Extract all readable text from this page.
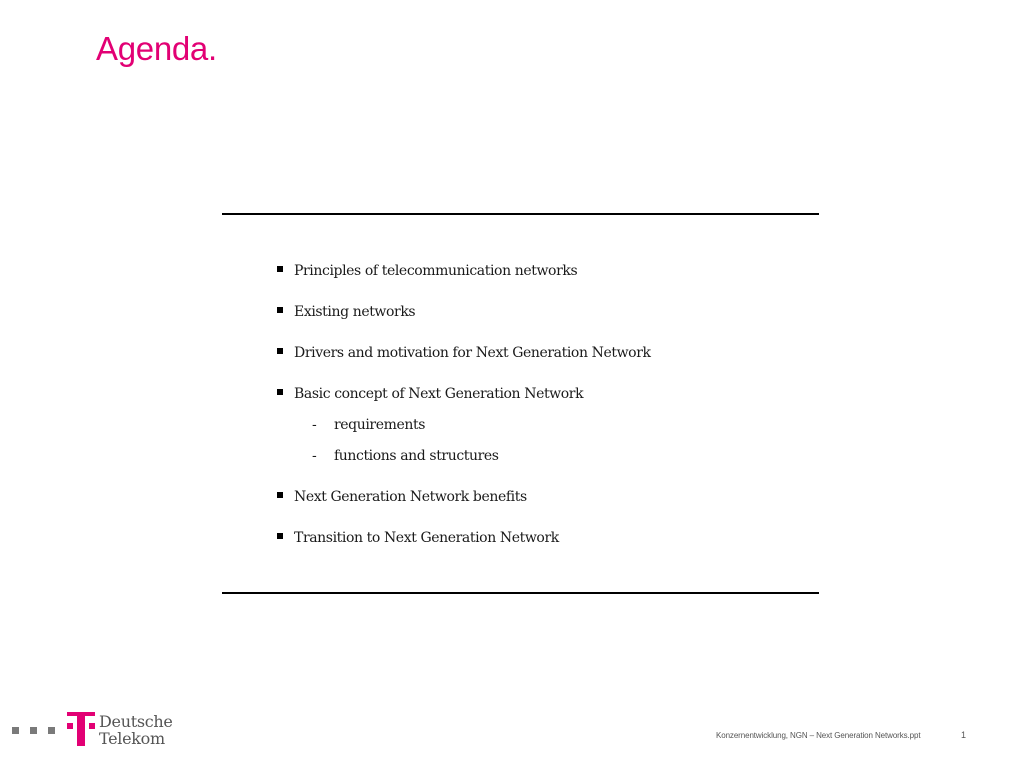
Agenda.
Principles of telecommunication networks
Existing networks
Drivers and motivation for Next Generation Network
Basic concept of Next Generation Network
- requirements
- functions and structures
Next Generation Network benefits
Transition to Next Generation Network
Deutsche
Telekom	Konzernentwicklung, NGN – Next Generation Networks.ppt	1
